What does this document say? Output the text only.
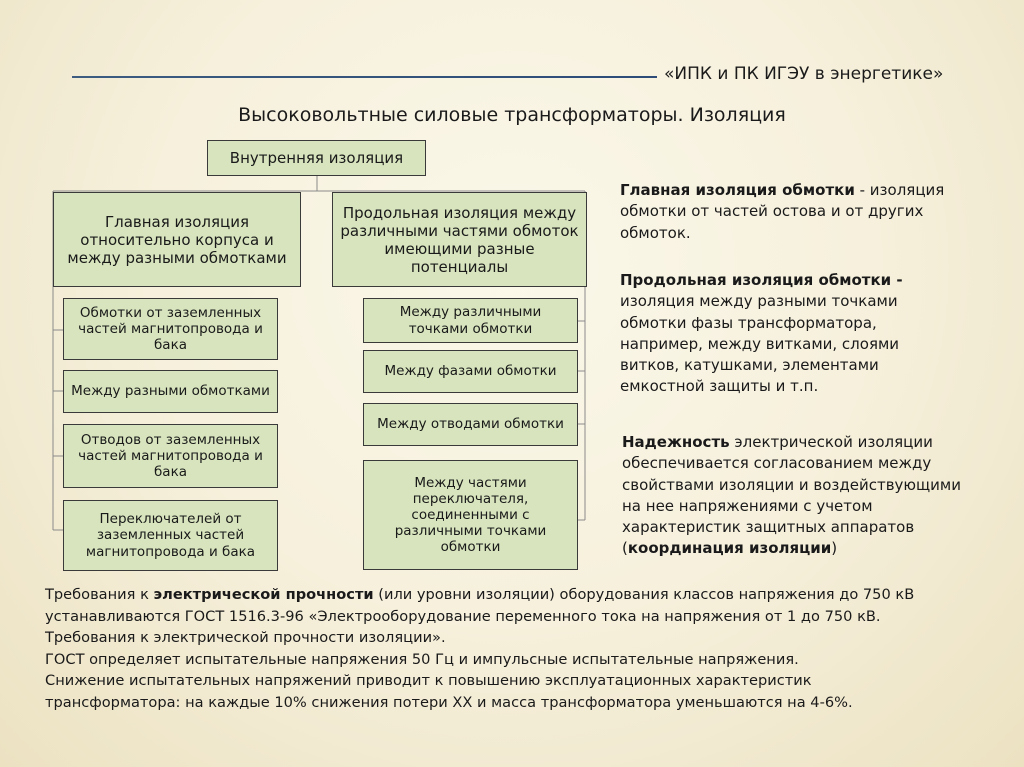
«ИПК и ПК ИГЭУ в энергетике»
Высоковольтные силовые трансформаторы. Изоляция
Внутренняя изоляция
Главная изоляция относительно корпуса и между разными обмотками
Продольная изоляция между различными частями обмоток имеющими разные потенциалы
Обмотки от заземленных частей магнитопровода и бака
Между разными обмотками
Отводов от заземленных частей магнитопровода и бака
Переключателей от заземленных частей магнитопровода и бака
Между различными точками обмотки
Между фазами обмотки
Между отводами обмотки
Между частями переключателя, соединенными с различными точками обмотки
Главная изоляция обмотки - изоляция обмотки от частей остова и от других обмоток.
Продольная изоляция обмотки - изоляция между разными точками обмотки фазы трансформатора, например, между витками, слоями витков, катушками, элементами емкостной защиты и т.п.
Надежность электрической изоляции обеспечивается согласованием между свойствами изоляции и воздействующими на нее напряжениями с учетом характеристик защитных аппаратов (координация изоляции)

Требования к электрической прочности (или уровни изоляции) оборудования классов напряжения до 750 кВ

устанавливаются ГОСТ 1516.3-96 «Электрооборудование переменного тока на напряжения от 1 до 750 кВ.

Требования к электрической прочности изоляции».

ГОСТ определяет испытательные напряжения 50 Гц и импульсные испытательные напряжения.

Снижение испытательных напряжений приводит к повышению эксплуатационных характеристик

трансформатора: на каждые 10% снижения потери ХХ и масса трансформатора уменьшаются на 4-6%.
